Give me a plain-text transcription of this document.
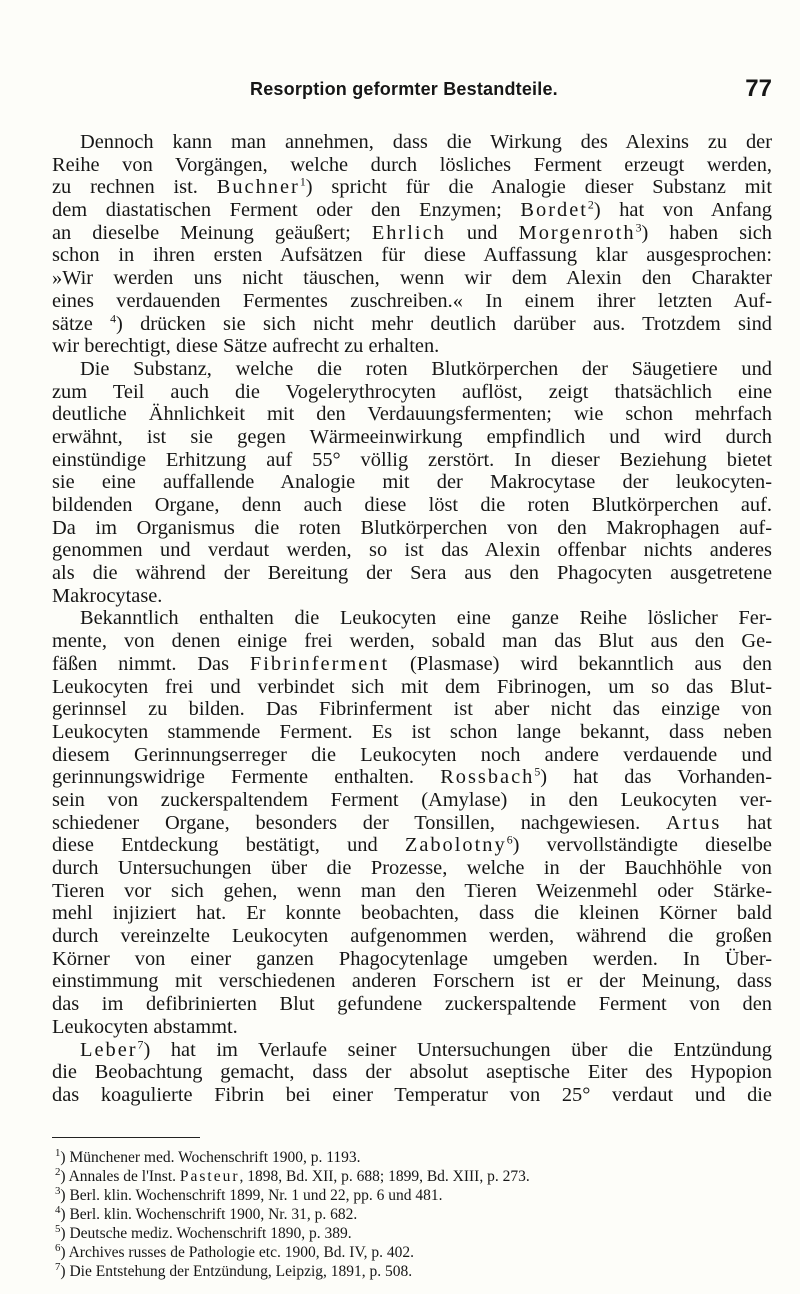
Resorption geformter Bestandteile.	77
Dennoch kann man annehmen, dass die Wirkung des Alexins zu der
Reihe von Vorgängen, welche durch lösliches Ferment erzeugt werden,
zu rechnen ist. Buchner$^1$) spricht für die Analogie dieser Substanz mit
dem diastatischen Ferment oder den Enzymen; Bordet$^2$) hat von Anfang
an dieselbe Meinung geäußert; Ehrlich und Morgenroth$^3$) haben sich
schon in ihren ersten Aufsätzen für diese Auffassung klar ausgesprochen:
»Wir werden uns nicht täuschen, wenn wir dem Alexin den Charakter
eines verdauenden Fermentes zuschreiben.« In einem ihrer letzten Auf-
sätze $^4$) drücken sie sich nicht mehr deutlich darüber aus. Trotzdem sind
wir berechtigt, diese Sätze aufrecht zu erhalten.
Die Substanz, welche die roten Blutkörperchen der Säugetiere und
zum Teil auch die Vogelerythrocyten auflöst, zeigt thatsächlich eine
deutliche Ähnlichkeit mit den Verdauungsfermenten; wie schon mehrfach
erwähnt, ist sie gegen Wärmeeinwirkung empfindlich und wird durch
einstündige Erhitzung auf 55° völlig zerstört. In dieser Beziehung bietet
sie eine auffallende Analogie mit der Makrocytase der leukocyten-
bildenden Organe, denn auch diese löst die roten Blutkörperchen auf.
Da im Organismus die roten Blutkörperchen von den Makrophagen auf-
genommen und verdaut werden, so ist das Alexin offenbar nichts anderes
als die während der Bereitung der Sera aus den Phagocyten ausgetretene
Makrocytase.
Bekanntlich enthalten die Leukocyten eine ganze Reihe löslicher Fer-
mente, von denen einige frei werden, sobald man das Blut aus den Ge-
fäßen nimmt. Das Fibrinferment (Plasmase) wird bekanntlich aus den
Leukocyten frei und verbindet sich mit dem Fibrinogen, um so das Blut-
gerinnsel zu bilden. Das Fibrinferment ist aber nicht das einzige von
Leukocyten stammende Ferment. Es ist schon lange bekannt, dass neben
diesem Gerinnungserreger die Leukocyten noch andere verdauende und
gerinnungswidrige Fermente enthalten. Rossbach$^5$) hat das Vorhanden-
sein von zuckerspaltendem Ferment (Amylase) in den Leukocyten ver-
schiedener Organe, besonders der Tonsillen, nachgewiesen. Artus hat
diese Entdeckung bestätigt, und Zabolotny$^6$) vervollständigte dieselbe
durch Untersuchungen über die Prozesse, welche in der Bauchhöhle von
Tieren vor sich gehen, wenn man den Tieren Weizenmehl oder Stärke-
mehl injiziert hat. Er konnte beobachten, dass die kleinen Körner bald
durch vereinzelte Leukocyten aufgenommen werden, während die großen
Körner von einer ganzen Phagocytenlage umgeben werden. In Über-
einstimmung mit verschiedenen anderen Forschern ist er der Meinung, dass
das im defibrinierten Blut gefundene zuckerspaltende Ferment von den
Leukocyten abstammt.
Leber$^7$) hat im Verlaufe seiner Untersuchungen über die Entzündung
die Beobachtung gemacht, dass der absolut aseptische Eiter des Hypopion
das koagulierte Fibrin bei einer Temperatur von 25° verdaut und die
$^1$) Münchener med. Wochenschrift 1900, p. 1193.
$^2$) Annales de l'Inst. Pasteur, 1898, Bd. XII, p. 688; 1899, Bd. XIII, p. 273.
$^3$) Berl. klin. Wochenschrift 1899, Nr. 1 und 22, pp. 6 und 481.
$^4$) Berl. klin. Wochenschrift 1900, Nr. 31, p. 682.
$^5$) Deutsche mediz. Wochenschrift 1890, p. 389.
$^6$) Archives russes de Pathologie etc. 1900, Bd. IV, p. 402.
$^7$) Die Entstehung der Entzündung, Leipzig, 1891, p. 508.
